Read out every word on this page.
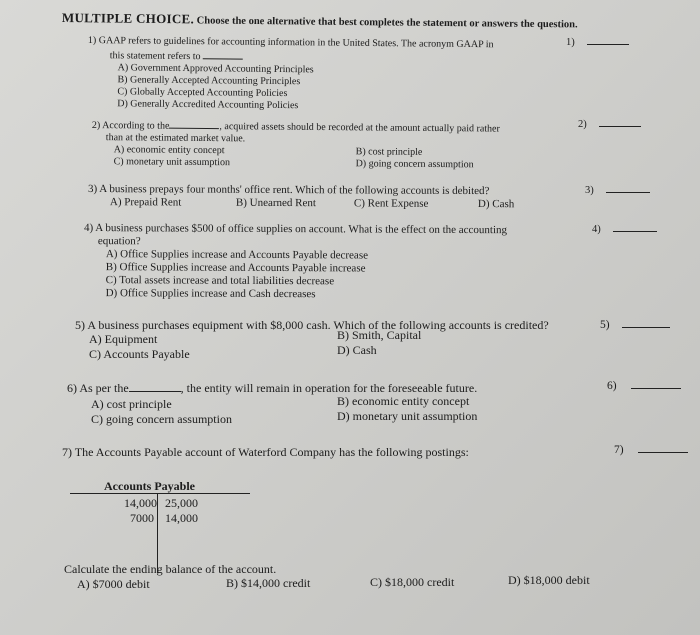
MULTIPLE CHOICE. Choose the one alternative that best completes the statement or answers the question.
1) GAAP refers to guidelines for accounting information in the United States. The acronym GAAP in
this statement refers to
A) Government Approved Accounting Principles
B) Generally Accepted Accounting Principles
C) Globally Accepted Accounting Policies
D) Generally Accredited Accounting Policies
1)
2) According to the	, acquired assets should be recorded at the amount actually paid rather
than at the estimated market value.
A) economic entity concept	B) cost principle
C) monetary unit assumption	D) going concern assumption
2)
3) A business prepays four months' office rent. Which of the following accounts is debited?
A) Prepaid Rent	B) Unearned Rent	C) Rent Expense	D) Cash
3)
4) A business purchases $500 of office supplies on account. What is the effect on the accounting
equation?
A) Office Supplies increase and Accounts Payable decrease
B) Office Supplies increase and Accounts Payable increase
C) Total assets increase and total liabilities decrease
D) Office Supplies increase and Cash decreases
4)
5) A business purchases equipment with $8,000 cash. Which of the following accounts is credited?
A) Equipment	B) Smith, Capital
C) Accounts Payable	D) Cash
5)
6) As per the	, the entity will remain in operation for the foreseeable future.
A) cost principle	B) economic entity concept
C) going concern assumption	D) monetary unit assumption
6)
7) The Accounts Payable account of Waterford Company has the following postings:	7)
Accounts Payable
14,000 25,000
7000 14,000
Calculate the ending balance of the account.
A) $7000 debit	B) $14,000 credit	C) $18,000 credit	D) $18,000 debit
